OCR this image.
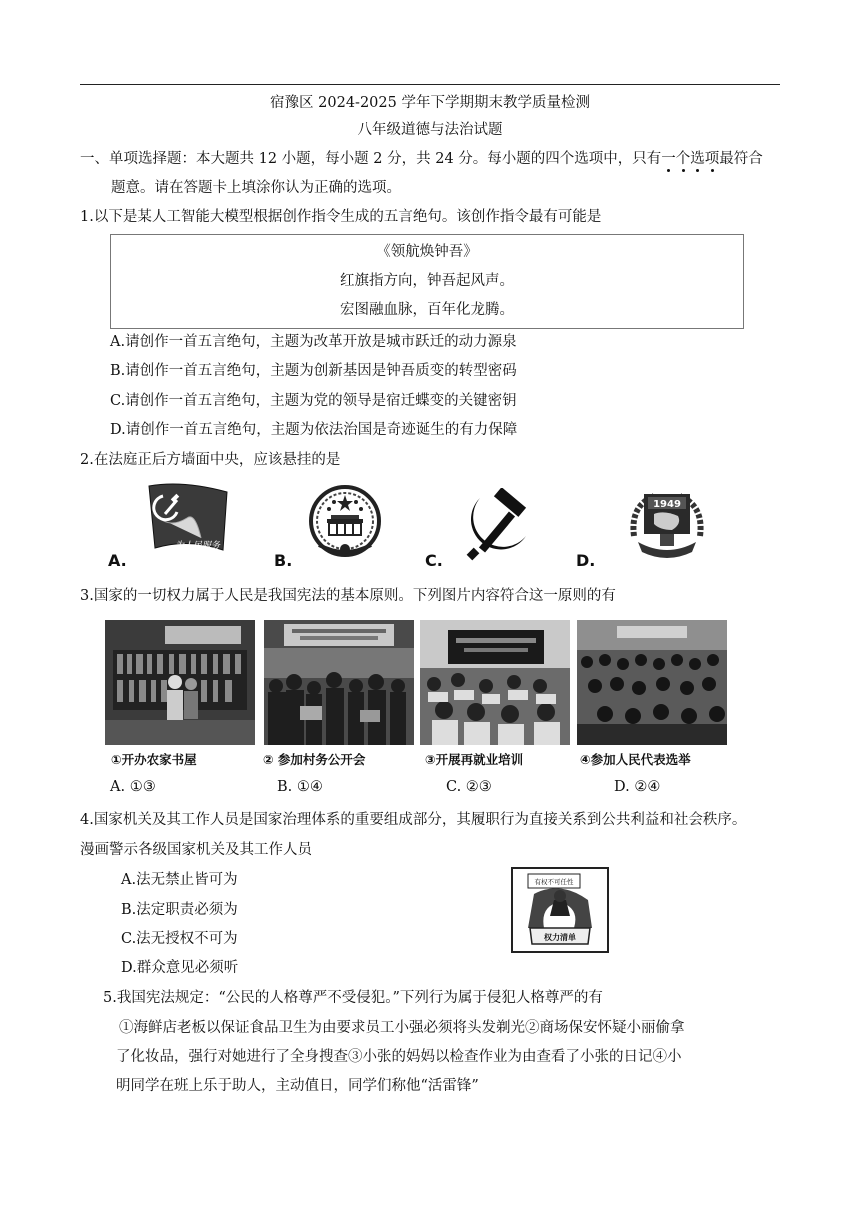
宿豫区 2024-2025 学年下学期期末教学质量检测
八年级道德与法治试题
一、单项选择题：本大题共 12 小题，每小题 2 分，共 24 分。每小题的四个选项中，只有一个选项最符合
题意。请在答题卡上填涂你认为正确的选项。
1.以下是某人工智能大模型根据创作指令生成的五言绝句。该创作指令最有可能是
《领航焕钟吾》
红旗指方向，钟吾起风声。
宏图融血脉，百年化龙腾。
A.请创作一首五言绝句，主题为改革开放是城市跃迁的动力源泉
B.请创作一首五言绝句，主题为创新基因是钟吾质变的转型密码
C.请创作一首五言绝句，主题为党的领导是宿迁蝶变的关键密钥
D.请创作一首五言绝句，主题为依法治国是奇迹诞生的有力保障
2.在法庭正后方墙面中央，应该悬挂的是
A.
为人民服务
B.	C.	D.
1949
3.国家的一切权力属于人民是我国宪法的基本原则。下列图片内容符合这一原则的有
①开办农家书屋	② 参加村务公开会	③开展再就业培训	④参加人民代表选举
A. ①③	B. ①④	C. ②③	D. ②④
4.国家机关及其工作人员是国家治理体系的重要组成部分，其履职行为直接关系到公共利益和社会秩序。
漫画警示各级国家机关及其工作人员
A.法无禁止皆可为
B.法定职责必须为
C.法无授权不可为
D.群众意见必须听
有权不可任性
权力清单
5.我国宪法规定：“公民的人格尊严不受侵犯。”下列行为属于侵犯人格尊严的有
①海鲜店老板以保证食品卫生为由要求员工小强必须将头发剃光②商场保安怀疑小丽偷拿
了化妆品，强行对她进行了全身搜查③小张的妈妈以检查作业为由查看了小张的日记④小
明同学在班上乐于助人，主动值日，同学们称他“活雷锋”
